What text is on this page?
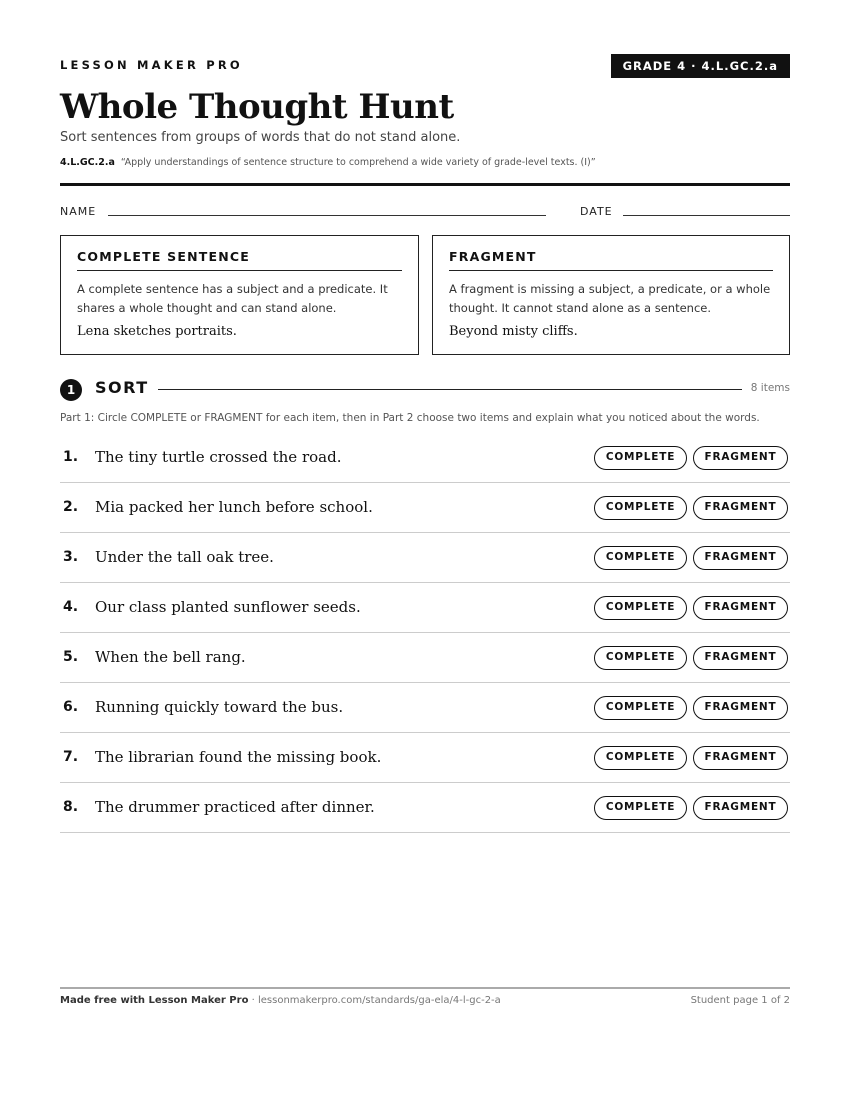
LESSON MAKER PRO	GRADE 4 · 4.L.GC.2.a
Whole Thought Hunt
Sort sentences from groups of words that do not stand alone.
4.L.GC.2.a “Apply understandings of sentence structure to comprehend a wide variety of grade-level texts. (I)”
NAME	DATE
COMPLETE SENTENCE
A complete sentence has a subject and a predicate. It shares a whole thought and can stand alone.
Lena sketches portraits.
FRAGMENT
A fragment is missing a subject, a predicate, or a whole thought. It cannot stand alone as a sentence.
Beyond misty cliffs.
1	SORT	8 items
Part 1: Circle COMPLETE or FRAGMENT for each item, then in Part 2 choose two items and explain what you noticed about the words.
1. The tiny turtle crossed the road.	COMPLETE	FRAGMENT
2. Mia packed her lunch before school.	COMPLETE	FRAGMENT
3. Under the tall oak tree.	COMPLETE	FRAGMENT
4. Our class planted sunflower seeds.	COMPLETE	FRAGMENT
5. When the bell rang.	COMPLETE	FRAGMENT
6. Running quickly toward the bus.	COMPLETE	FRAGMENT
7. The librarian found the missing book.	COMPLETE	FRAGMENT
8. The drummer practiced after dinner.	COMPLETE	FRAGMENT
Made free with Lesson Maker Pro · lessonmakerpro.com/standards/ga-ela/4-l-gc-2-a	Student page 1 of 2
